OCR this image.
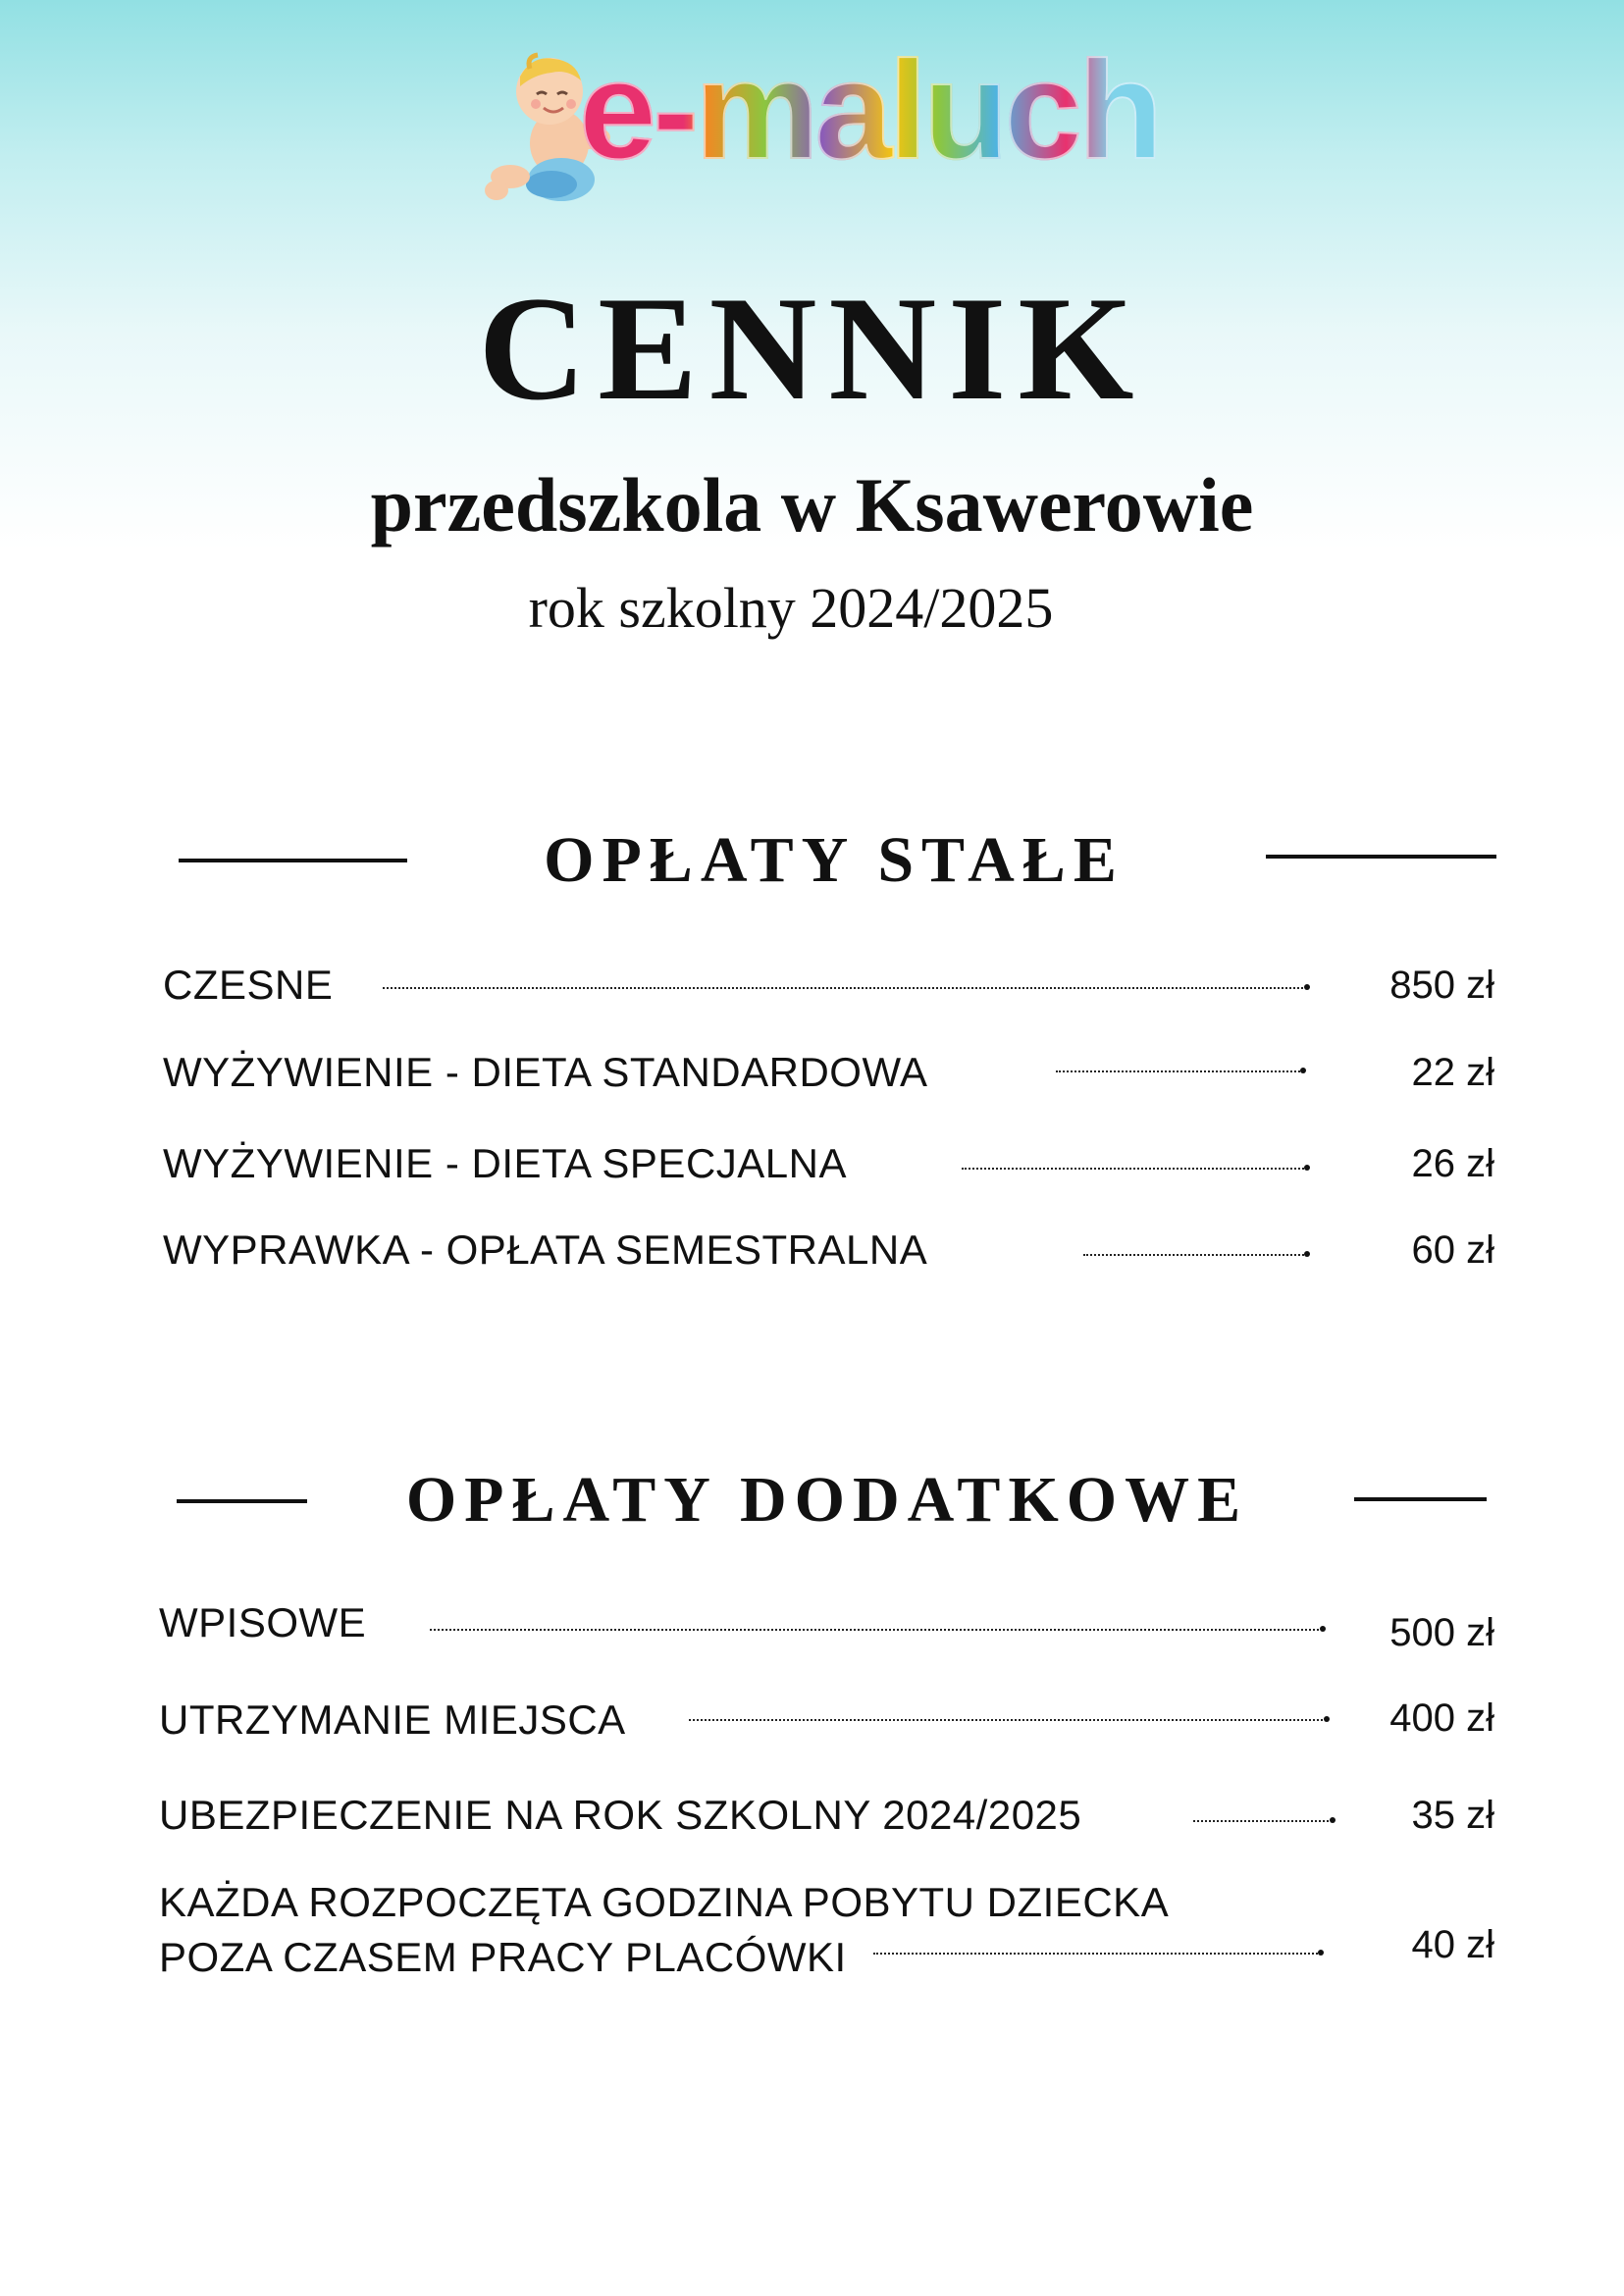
e-maluch
CENNIK
przedszkola w Ksawerowie
rok szkolny 2024/2025
OPŁATY STAŁE
CZESNE	850 zł
WYŻYWIENIE - DIETA STANDARDOWA	22 zł
WYŻYWIENIE - DIETA SPECJALNA	26 zł
WYPRAWKA - OPŁATA SEMESTRALNA	60 zł
OPŁATY DODATKOWE
WPISOWE	500 zł
UTRZYMANIE MIEJSCA	400 zł
UBEZPIECZENIE NA ROK SZKOLNY 2024/2025	35 zł
KAŻDA ROZPOCZĘTA GODZINA POBYTU DZIECKA
POZA CZASEM PRACY PLACÓWKI	40 zł
